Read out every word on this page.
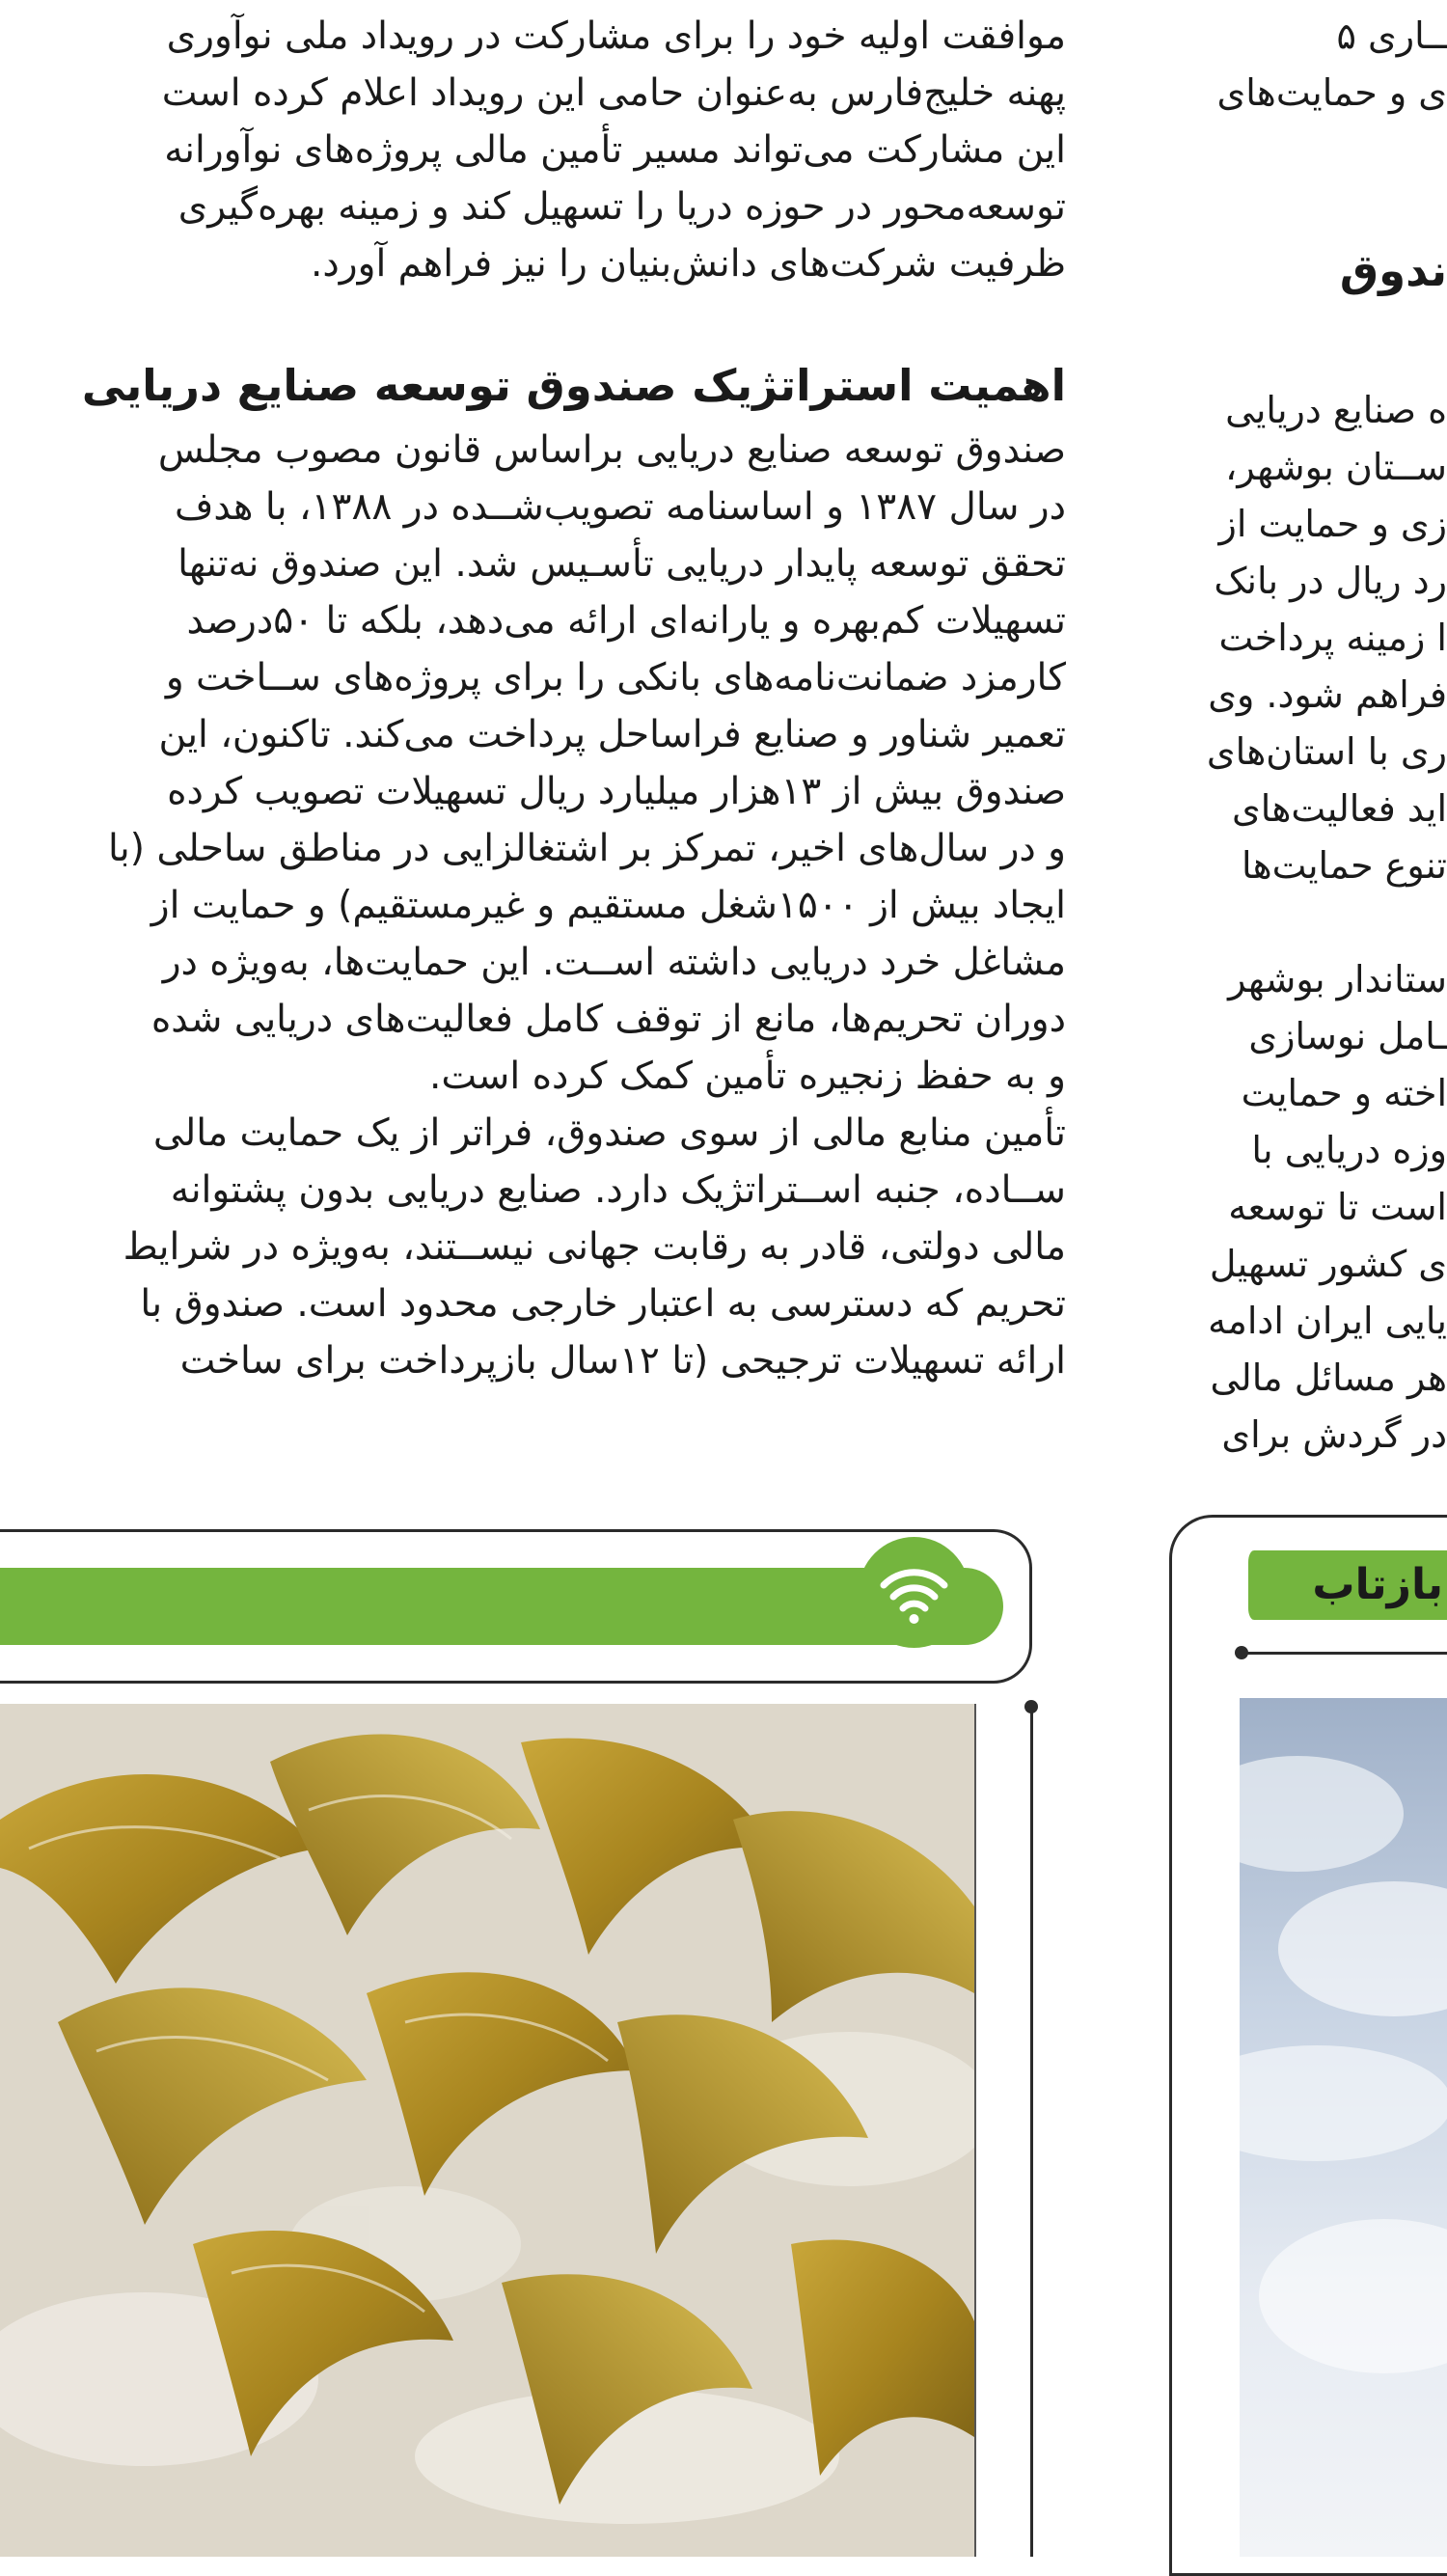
موافقت اولیه خود را برای مشارکت در رویداد ملی نوآوری
پهنه خلیج‌فارس به‌عنوان حامی این رویداد اعلام کرده است
این مشارکت می‌تواند مسیر تأمین مالی پروژه‌های نوآورانه
توسعه‌محور در حوزه دریا را تسهیل کند و زمینه بهره‌گیری
ظرفیت شرکت‌های دانش‌بنیان را نیز فراهم آورد.
اهمیت استراتژیک صندوق توسعه صنایع دریایی
صندوق توسعه صنایع دریایی براساس قانون مصوب مجلس
در سال ۱۳۸۷ و اساسنامه تصویب‌شــده در ۱۳۸۸، با هدف
تحقق توسعه پایدار دریایی تأسـیس شد. این صندوق نه‌تنها
تسهیلات کم‌بهره و یارانه‌ای ارائه می‌دهد، بلکه تا ۵۰درصد
کارمزد ضمانت‌نامه‌های بانکی را برای پروژه‌های ســاخت و
تعمیر شناور و صنایع فراساحل پرداخت می‌کند. تاکنون، این
صندوق بیش از ۱۳هزار میلیارد ریال تسهیلات تصویب کرده
و در سال‌های اخیر، تمرکز بر اشتغالزایی در مناطق ساحلی (با
ایجاد بیش از ۱۵۰۰شغل مستقیم و غیرمستقیم) و حمایت از
مشاغل خرد دریایی داشته اســت. این حمایت‌ها، به‌ویژه در
دوران تحریم‌ها، مانع از توقف کامل فعالیت‌های دریایی شده
و به حفظ زنجیره تأمین کمک کرده است.
تأمین منابع مالی از سوی صندوق، فراتر از یک حمایت مالی
ســاده، جنبه اســتراتژیک دارد. صنایع دریایی بدون پشتوانه
مالی دولتی، قادر به رقابت جهانی نیســتند، به‌ویژه در شرایط
تحریم که دسترسی به اعتبار خارجی محدود است. صندوق با
ارائه تسهیلات ترجیحی (تا ۱۲سال بازپرداخت برای ساخت
ــاری ۵
ی و حمایت‌های
ندوق
ه صنایع دریایی
ســتان بوشهر،
زی و حمایت از
رد ریال در بانک
ا زمینه پرداخت
فراهم شود. وی
ری با استان‌های
اید فعالیت‌های
تنوع حمایت‌ها
ستاندار بوشهر
ـامل نوسازی
اخته و حمایت
وزه دریایی با
است تا توسعه
ی کشور تسهیل
یایی ایران ادامه
هر مسائل مالی
در گردش برای
بازتاب
